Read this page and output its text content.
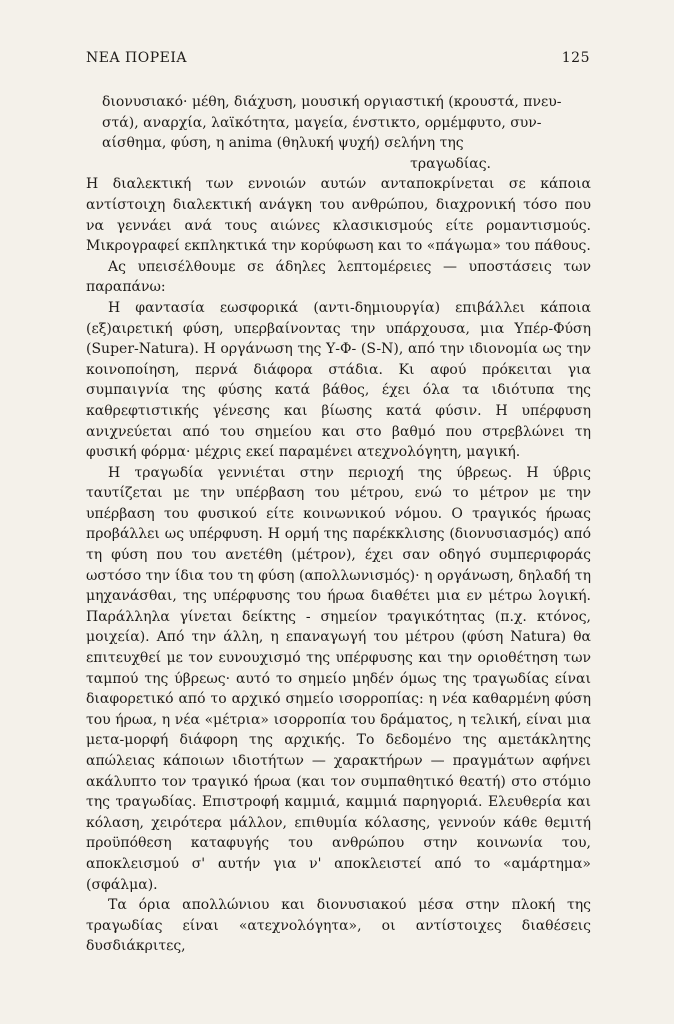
ΝΕΑ ΠΟΡΕΙΑ	125

διονυσιακό· μέθη, διάχυση, μουσική οργιαστική (κρουστά, πνευ-

στά), αναρχία, λαϊκότητα, μαγεία, ένστικτο, ορμέμφυτο, συν-

αίσθημα, φύση, η anima (θηλυκή ψυχή) σελήνη της

τραγωδίας.

Η διαλεκτική των εννοιών αυτών ανταποκρίνεται σε κάποια αντίστοιχη διαλεκτική ανάγκη του ανθρώπου, διαχρονική τόσο που να γεννάει ανά τους αιώνες κλασικισμούς είτε ρομαντισμούς. Μικρογραφεί εκπληκτικά την κορύφωση και το «πάγωμα» του πάθους.

Ας υπεισέλθουμε σε άδηλες λεπτομέρειες — υποστάσεις των παραπάνω:

Η φαντασία εωσφορικά (αντι-δημιουργία) επιβάλλει κάποια (εξ)αιρετική φύση, υπερβαίνοντας την υπάρχουσα, μια Υπέρ-Φύση (Super-Natura). Η οργάνωση της Υ-Φ- (S-N), από την ιδιονομία ως την κοινοποίηση, περνά διάφορα στάδια. Κι αφού πρόκειται για συμπαιγνία της φύσης κατά βάθος, έχει όλα τα ιδιότυπα της καθρεφτιστικής γένεσης και βίωσης κατά φύσιν. Η υπέρφυση ανιχνεύεται από του σημείου και στο βαθμό που στρεβλώνει τη φυσική φόρμα· μέχρις εκεί παραμένει ατεχνολόγητη, μαγική.

Η τραγωδία γεννιέται στην περιοχή της ύβρεως. Η ύβρις ταυτίζεται με την υπέρβαση του μέτρου, ενώ το μέτρον με την υπέρβαση του φυσικού είτε κοινωνικού νόμου. Ο τραγικός ήρωας προβάλλει ως υπέρφυση. Η ορμή της παρέκκλισης (διονυσιασμός) από τη φύση που του ανετέθη (μέτρον), έχει σαν οδηγό συμπεριφοράς ωστόσο την ίδια του τη φύση (απολλωνισμός)· η οργάνωση, δηλαδή τη μηχανάσθαι, της υπέρφυσης του ήρωα διαθέτει μια εν μέτρω λογική. Παράλληλα γίνεται δείκτης - σημείον τραγικότητας (π.χ. κτόνος, μοιχεία). Από την άλλη, η επαναγωγή του μέτρου (φύση Natura) θα επιτευχθεί με τον ευνουχισμό της υπέρφυσης και την οριοθέτηση των ταμπού της ύβρεως· αυτό το σημείο μηδέν όμως της τραγωδίας είναι διαφορετικό από το αρχικό σημείο ισορροπίας: η νέα καθαρμένη φύση του ήρωα, η νέα «μέτρια» ισορροπία του δράματος, η τελική, είναι μια μετα-μορφή διάφορη της αρχικής. Το δεδομένο της αμετάκλητης απώλειας κάποιων ιδιοτήτων — χαρακτήρων — πραγμάτων αφήνει ακάλυπτο τον τραγικό ήρωα (και τον συμπαθητικό θεατή) στο στόμιο της τραγωδίας. Επιστροφή καμμιά, καμμιά παρηγοριά. Ελευθερία και κόλαση, χειρότερα μάλλον, επιθυμία κόλασης, γεννούν κάθε θεμιτή προϋπόθεση καταφυγής του ανθρώπου στην κοινωνία του, αποκλεισμού σ' αυτήν για ν' αποκλειστεί από το «αμάρτημα» (σφάλμα).

Τα όρια απολλώνιου και διονυσιακού μέσα στην πλοκή της τραγωδίας είναι «ατεχνολόγητα», οι αντίστοιχες διαθέσεις δυσδιάκριτες,
